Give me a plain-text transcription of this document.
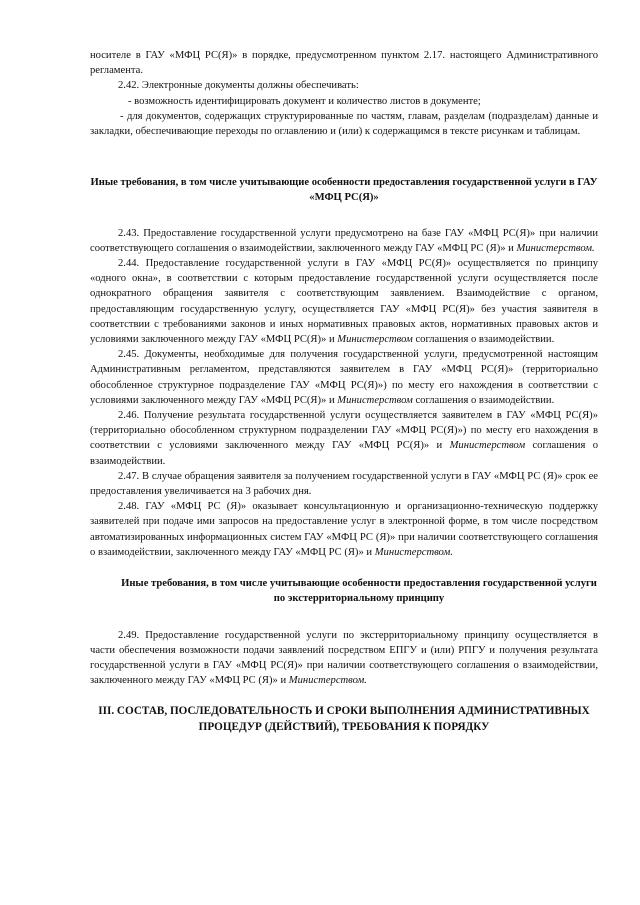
носителе в ГАУ «МФЦ РС(Я)» в порядке, предусмотренном пунктом 2.17. настоящего Административного регламента.

2.42. Электронные документы должны обеспечивать:

- возможность идентифицировать документ и количество листов в документе;

- для документов, содержащих структурированные по частям, главам, разделам (подразделам) данные и закладки, обеспечивающие переходы по оглавлению и (или) к содержащимся в тексте рисункам и таблицам.

Иные требования, в том числе учитывающие особенности предоставления государственной услуги в ГАУ «МФЦ РС(Я)»

2.43. Предоставление государственной услуги предусмотрено на базе ГАУ «МФЦ РС(Я)» при наличии соответствующего соглашения о взаимодействии, заключенного между ГАУ «МФЦ РС (Я)» и Министерством.

2.44. Предоставление государственной услуги в ГАУ «МФЦ РС(Я)» осуществляется по принципу «одного окна», в соответствии с которым предоставление государственной услуги осуществляется после однократного обращения заявителя с соответствующим заявлением. Взаимодействие с органом, предоставляющим государственную услугу, осуществляется ГАУ «МФЦ РС(Я)» без участия заявителя в соответствии с требованиями законов и иных нормативных правовых актов, нормативных правовых актов и условиями заключенного между ГАУ «МФЦ РС(Я)» и Министерством соглашения о взаимодействии.

2.45. Документы, необходимые для получения государственной услуги, предусмотренной настоящим Административным регламентом, представляются заявителем в ГАУ «МФЦ РС(Я)» (территориально обособленное структурное подразделение ГАУ «МФЦ РС(Я)») по месту его нахождения в соответствии с условиями заключенного между ГАУ «МФЦ РС(Я)» и Министерством соглашения о взаимодействии.

2.46. Получение результата государственной услуги осуществляется заявителем в ГАУ «МФЦ РС(Я)» (территориально обособленном структурном подразделении ГАУ «МФЦ РС(Я)») по месту его нахождения в соответствии с условиями заключенного между ГАУ «МФЦ РС(Я)» и Министерством соглашения о взаимодействии.

2.47. В случае обращения заявителя за получением государственной услуги в ГАУ «МФЦ РС (Я)» срок ее предоставления увеличивается на 3 рабочих дня.

2.48. ГАУ «МФЦ РС (Я)» оказывает консультационную и организационно-техническую поддержку заявителей при подаче ими запросов на предоставление услуг в электронной форме, в том числе посредством автоматизированных информационных систем ГАУ «МФЦ РС (Я)» при наличии соответствующего соглашения о взаимодействии, заключенного между ГАУ «МФЦ РС (Я)» и Министерством.

Иные требования, в том числе учитывающие особенности предоставления государственной услуги по экстерриториальному принципу

2.49. Предоставление государственной услуги по экстерриториальному принципу осуществляется в части обеспечения возможности подачи заявлений посредством ЕПГУ и (или) РПГУ и получения результата государственной услуги в ГАУ «МФЦ РС(Я)» при наличии соответствующего соглашения о взаимодействии, заключенного между ГАУ «МФЦ РС (Я)» и Министерством.

III. СОСТАВ, ПОСЛЕДОВАТЕЛЬНОСТЬ И СРОКИ ВЫПОЛНЕНИЯ АДМИНИСТРАТИВНЫХ ПРОЦЕДУР (ДЕЙСТВИЙ), ТРЕБОВАНИЯ К ПОРЯДКУ
